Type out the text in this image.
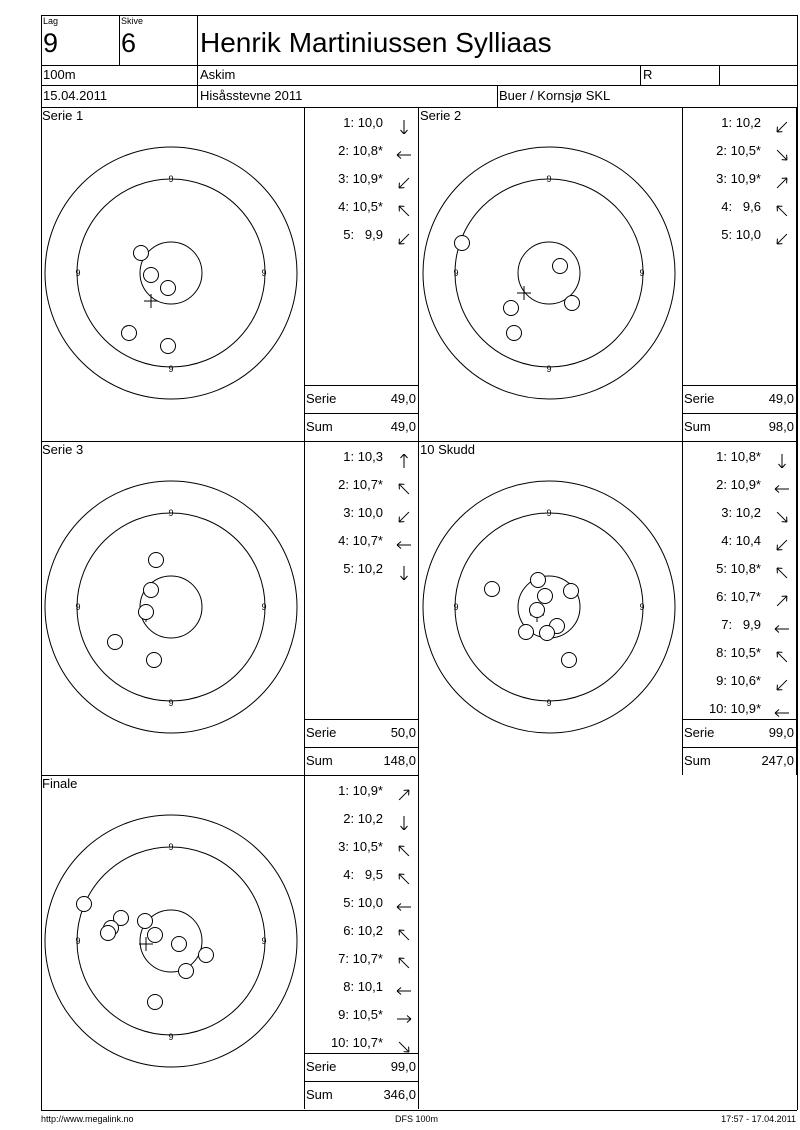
Lag
9
Skive
6 Henrik Martiniussen Sylliaas
100m	Askim	R
15.04.2011	Hisåsstevne 2011	Buer / Kornsjø SKL
Serie 1
9
9	9
9
1: 10,0
2: 10,8*
3: 10,9*
4: 10,5*
5:   9,9
Serie	49,0
Sum	49,0
Serie 2
9
9	9
9
1: 10,2
2: 10,5*
3: 10,9*
4:   9,6
5: 10,0
Serie	49,0
Sum	98,0
Serie 3
9
9	9
9
1: 10,3
2: 10,7*
3: 10,0
4: 10,7*
5: 10,2
Serie	50,0
Sum	148,0
10 Skudd
9
9	9
9
1: 10,8*
2: 10,9*
3: 10,2
4: 10,4
5: 10,8*
6: 10,7*
7:   9,9
8: 10,5*
9: 10,6*
10: 10,9*
Serie	99,0
Sum	247,0
Finale
9
9	9
9
1: 10,9*
2: 10,2
3: 10,5*
4:   9,5
5: 10,0
6: 10,2
7: 10,7*
8: 10,1
9: 10,5*
10: 10,7*
Serie	99,0
Sum	346,0
http://www.megalink.no	DFS 100m	17:57 - 17.04.2011
